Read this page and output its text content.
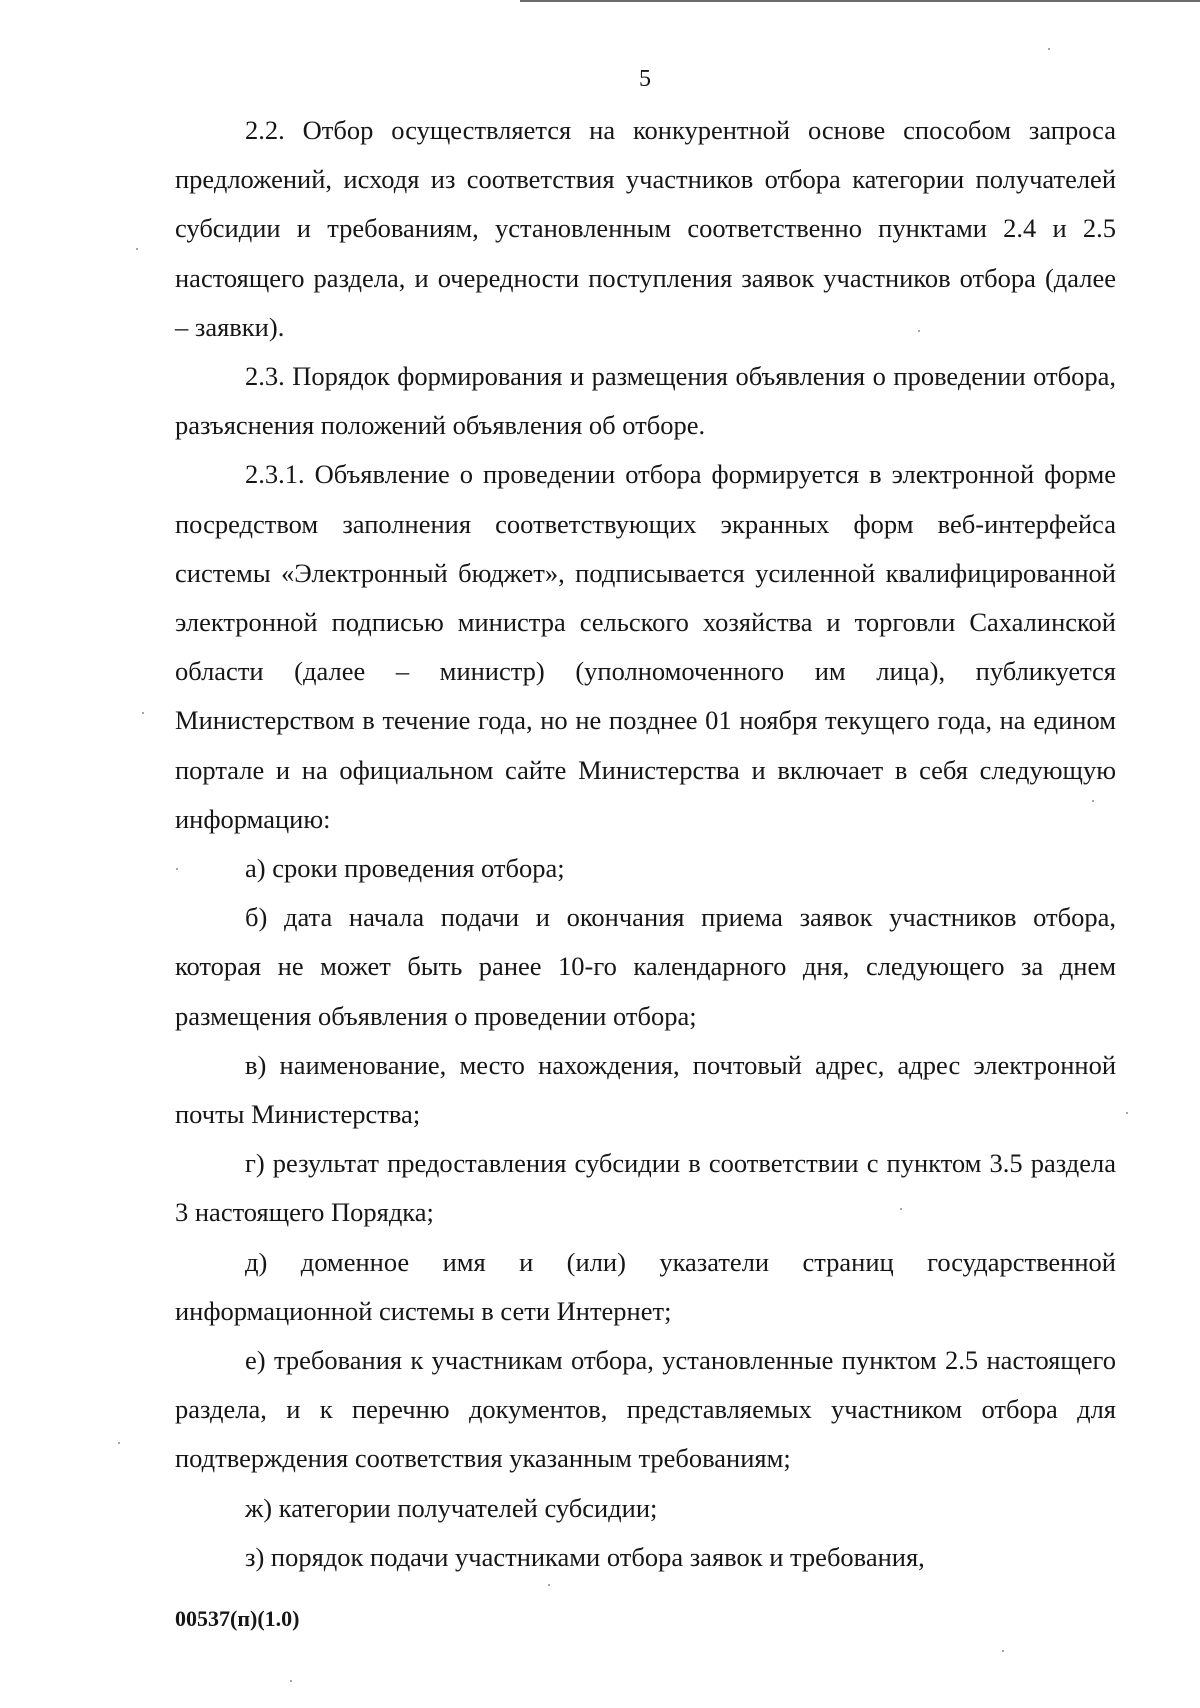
5

2.2. Отбор осуществляется на конкурентной основе способом запроса предложений, исходя из соответствия участников отбора категории получателей субсидии и требованиям, установленным соответственно пунктами 2.4 и 2.5 настоящего раздела, и очередности поступления заявок участников отбора (далее – заявки).

2.3. Порядок формирования и размещения объявления о проведении отбора, разъяснения положений объявления об отборе.

2.3.1. Объявление о проведении отбора формируется в электронной форме посредством заполнения соответствующих экранных форм веб-интерфейса системы «Электронный бюджет», подписывается усиленной квалифицированной электронной подписью министра сельского хозяйства и торговли Сахалинской области (далее – министр) (уполномоченного им лица), публикуется Министерством в течение года, но не позднее 01 ноября текущего года, на едином портале и на официальном сайте Министерства и включает в себя следующую информацию:

а) сроки проведения отбора;

б) дата начала подачи и окончания приема заявок участников отбора, которая не может быть ранее 10-го календарного дня, следующего за днем размещения объявления о проведении отбора;

в) наименование, место нахождения, почтовый адрес, адрес электронной почты Министерства;

г) результат предоставления субсидии в соответствии с пунктом 3.5 раздела 3 настоящего Порядка;

д) доменное имя и (или) указатели страниц государственной информационной системы в сети Интернет;

е) требования к участникам отбора, установленные пунктом 2.5 настоящего раздела, и к перечню документов, представляемых участником отбора для подтверждения соответствия указанным требованиям;

ж) категории получателей субсидии;

з) порядок подачи участниками отбора заявок и требования,

00537(п)(1.0)
